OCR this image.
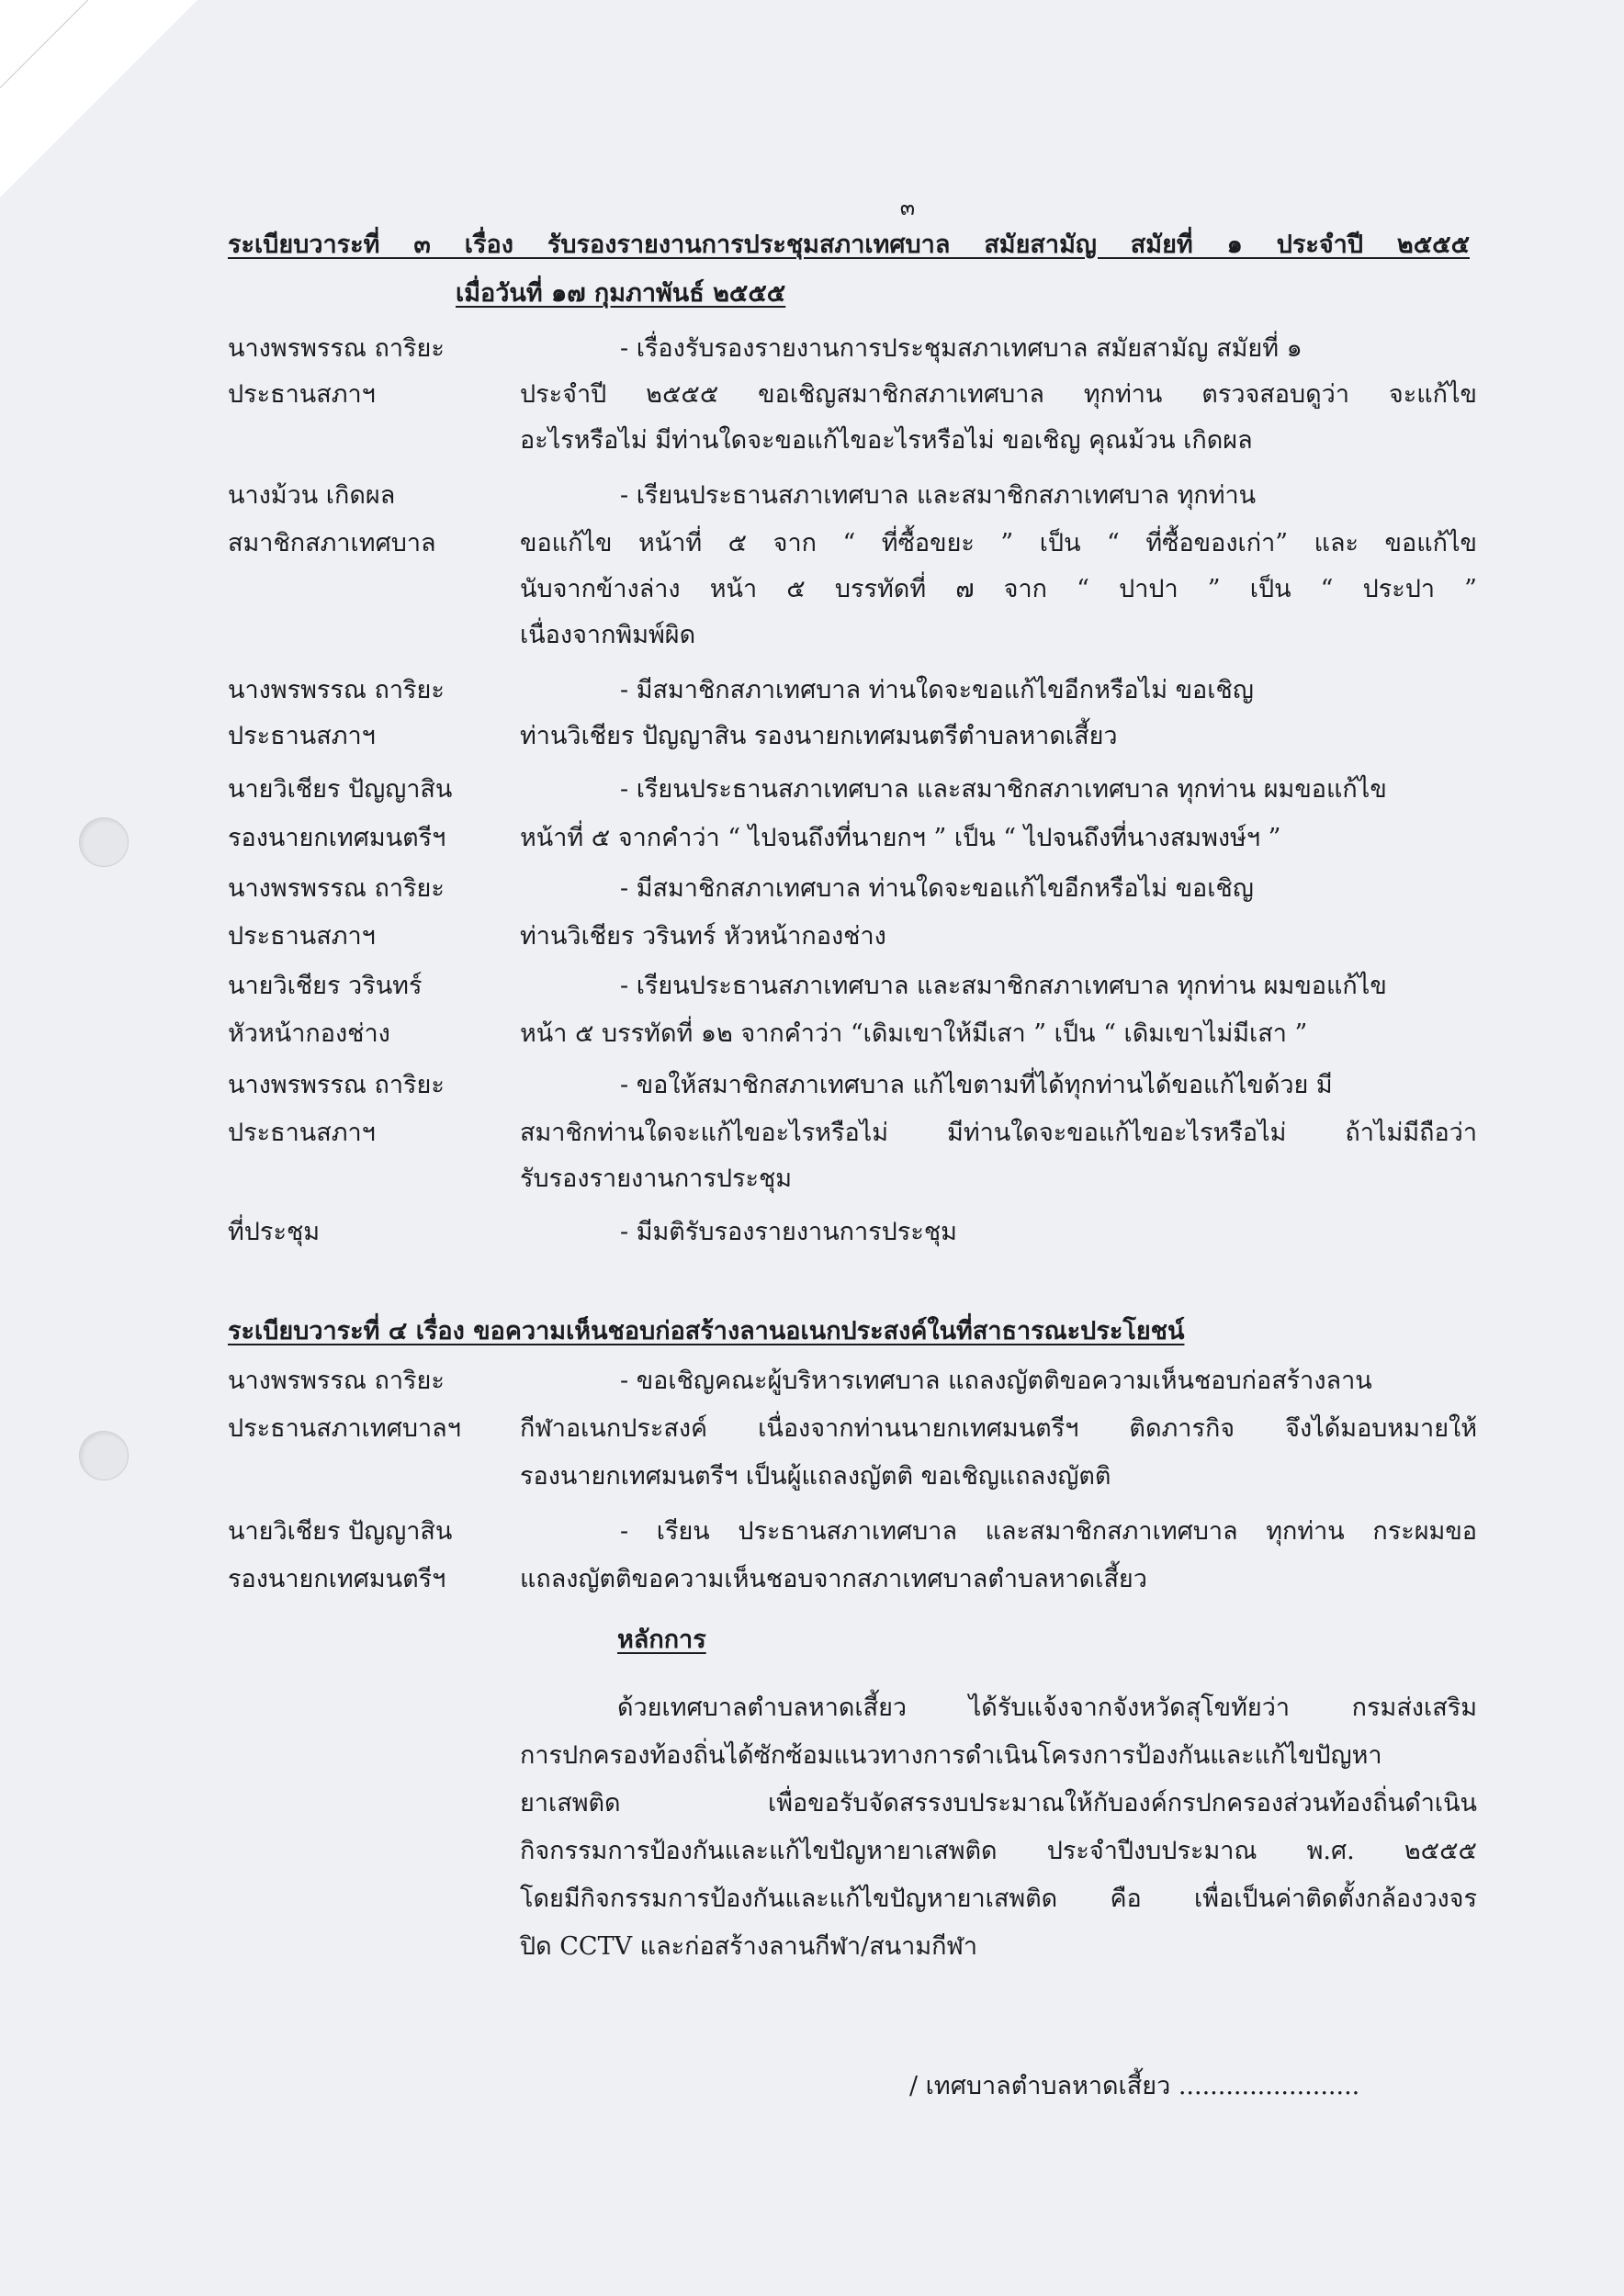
๓
ระเบียบวาระที่ ๓ เรื่อง รับรองรายงานการประชุมสภาเทศบาล สมัยสามัญ สมัยที่ ๑ ประจำปี ๒๕๕๕
เมื่อวันที่ ๑๗ กุมภาพันธ์ ๒๕๕๕
นางพรพรรณ ถาริยะ
ประธานสภาฯ
- เรื่องรับรองรายงานการประชุมสภาเทศบาล สมัยสามัญ สมัยที่ ๑
ประจำปี ๒๕๕๕ ขอเชิญสมาชิกสภาเทศบาล ทุกท่าน ตรวจสอบดูว่า จะแก้ไข
อะไรหรือไม่ มีท่านใดจะขอแก้ไขอะไรหรือไม่ ขอเชิญ คุณม้วน เกิดผล
นางม้วน เกิดผล
สมาชิกสภาเทศบาล
- เรียนประธานสภาเทศบาล และสมาชิกสภาเทศบาล ทุกท่าน
ขอแก้ไข หน้าที่ ๕ จาก “ ที่ซื้อขยะ ” เป็น “ ที่ซื้อของเก่า” และ ขอแก้ไข
นับจากข้างล่าง หน้า ๕ บรรทัดที่ ๗ จาก “ ปาปา ” เป็น “ ประปา ”
เนื่องจากพิมพ์ผิด
นางพรพรรณ ถาริยะ
ประธานสภาฯ
- มีสมาชิกสภาเทศบาล ท่านใดจะขอแก้ไขอีกหรือไม่ ขอเชิญ
ท่านวิเชียร ปัญญาสิน รองนายกเทศมนตรีตำบลหาดเสี้ยว
นายวิเชียร ปัญญาสิน
รองนายกเทศมนตรีฯ
- เรียนประธานสภาเทศบาล และสมาชิกสภาเทศบาล ทุกท่าน ผมขอแก้ไข
หน้าที่ ๕ จากคำว่า “ ไปจนถึงที่นายกฯ ” เป็น “ ไปจนถึงที่นางสมพงษ์ฯ ”
นางพรพรรณ ถาริยะ
ประธานสภาฯ
- มีสมาชิกสภาเทศบาล ท่านใดจะขอแก้ไขอีกหรือไม่ ขอเชิญ
ท่านวิเชียร วรินทร์ หัวหน้ากองช่าง
นายวิเชียร วรินทร์
หัวหน้ากองช่าง
- เรียนประธานสภาเทศบาล และสมาชิกสภาเทศบาล ทุกท่าน ผมขอแก้ไข
หน้า ๕ บรรทัดที่ ๑๒ จากคำว่า “เดิมเขาให้มีเสา ” เป็น “ เดิมเขาไม่มีเสา ”
นางพรพรรณ ถาริยะ
ประธานสภาฯ
- ขอให้สมาชิกสภาเทศบาล แก้ไขตามที่ได้ทุกท่านได้ขอแก้ไขด้วย มี
สมาชิกท่านใดจะแก้ไขอะไรหรือไม่ มีท่านใดจะขอแก้ไขอะไรหรือไม่ ถ้าไม่มีถือว่า
รับรองรายงานการประชุม
ที่ประชุม	- มีมติรับรองรายงานการประชุม
ระเบียบวาระที่ ๔ เรื่อง ขอความเห็นชอบก่อสร้างลานอเนกประสงค์ในที่สาธารณะประโยชน์
นางพรพรรณ ถาริยะ
ประธานสภาเทศบาลฯ
- ขอเชิญคณะผู้บริหารเทศบาล แถลงญัตติขอความเห็นชอบก่อสร้างลาน
กีฬาอเนกประสงค์ เนื่องจากท่านนายกเทศมนตรีฯ ติดภารกิจ จึงได้มอบหมายให้
รองนายกเทศมนตรีฯ เป็นผู้แถลงญัตติ ขอเชิญแถลงญัตติ
นายวิเชียร ปัญญาสิน
รองนายกเทศมนตรีฯ
- เรียน ประธานสภาเทศบาล และสมาชิกสภาเทศบาล ทุกท่าน กระผมขอ
แถลงญัตติขอความเห็นชอบจากสภาเทศบาลตำบลหาดเสี้ยว
หลักการ
ด้วยเทศบาลตำบลหาดเสี้ยว ได้รับแจ้งจากจังหวัดสุโขทัยว่า กรมส่งเสริม
การปกครองท้องถิ่นได้ซักซ้อมแนวทางการดำเนินโครงการป้องกันและแก้ไขปัญหา
ยาเสพติด เพื่อขอรับจัดสรรงบประมาณให้กับองค์กรปกครองส่วนท้องถิ่นดำเนิน
กิจกรรมการป้องกันและแก้ไขปัญหายาเสพติด ประจำปีงบประมาณ พ.ศ. ๒๕๕๕
โดยมีกิจกรรมการป้องกันและแก้ไขปัญหายาเสพติด คือ เพื่อเป็นค่าติดตั้งกล้องวงจร
ปิด CCTV และก่อสร้างลานกีฬา/สนามกีฬา
/ เทศบาลตำบลหาดเสี้ยว .......................
